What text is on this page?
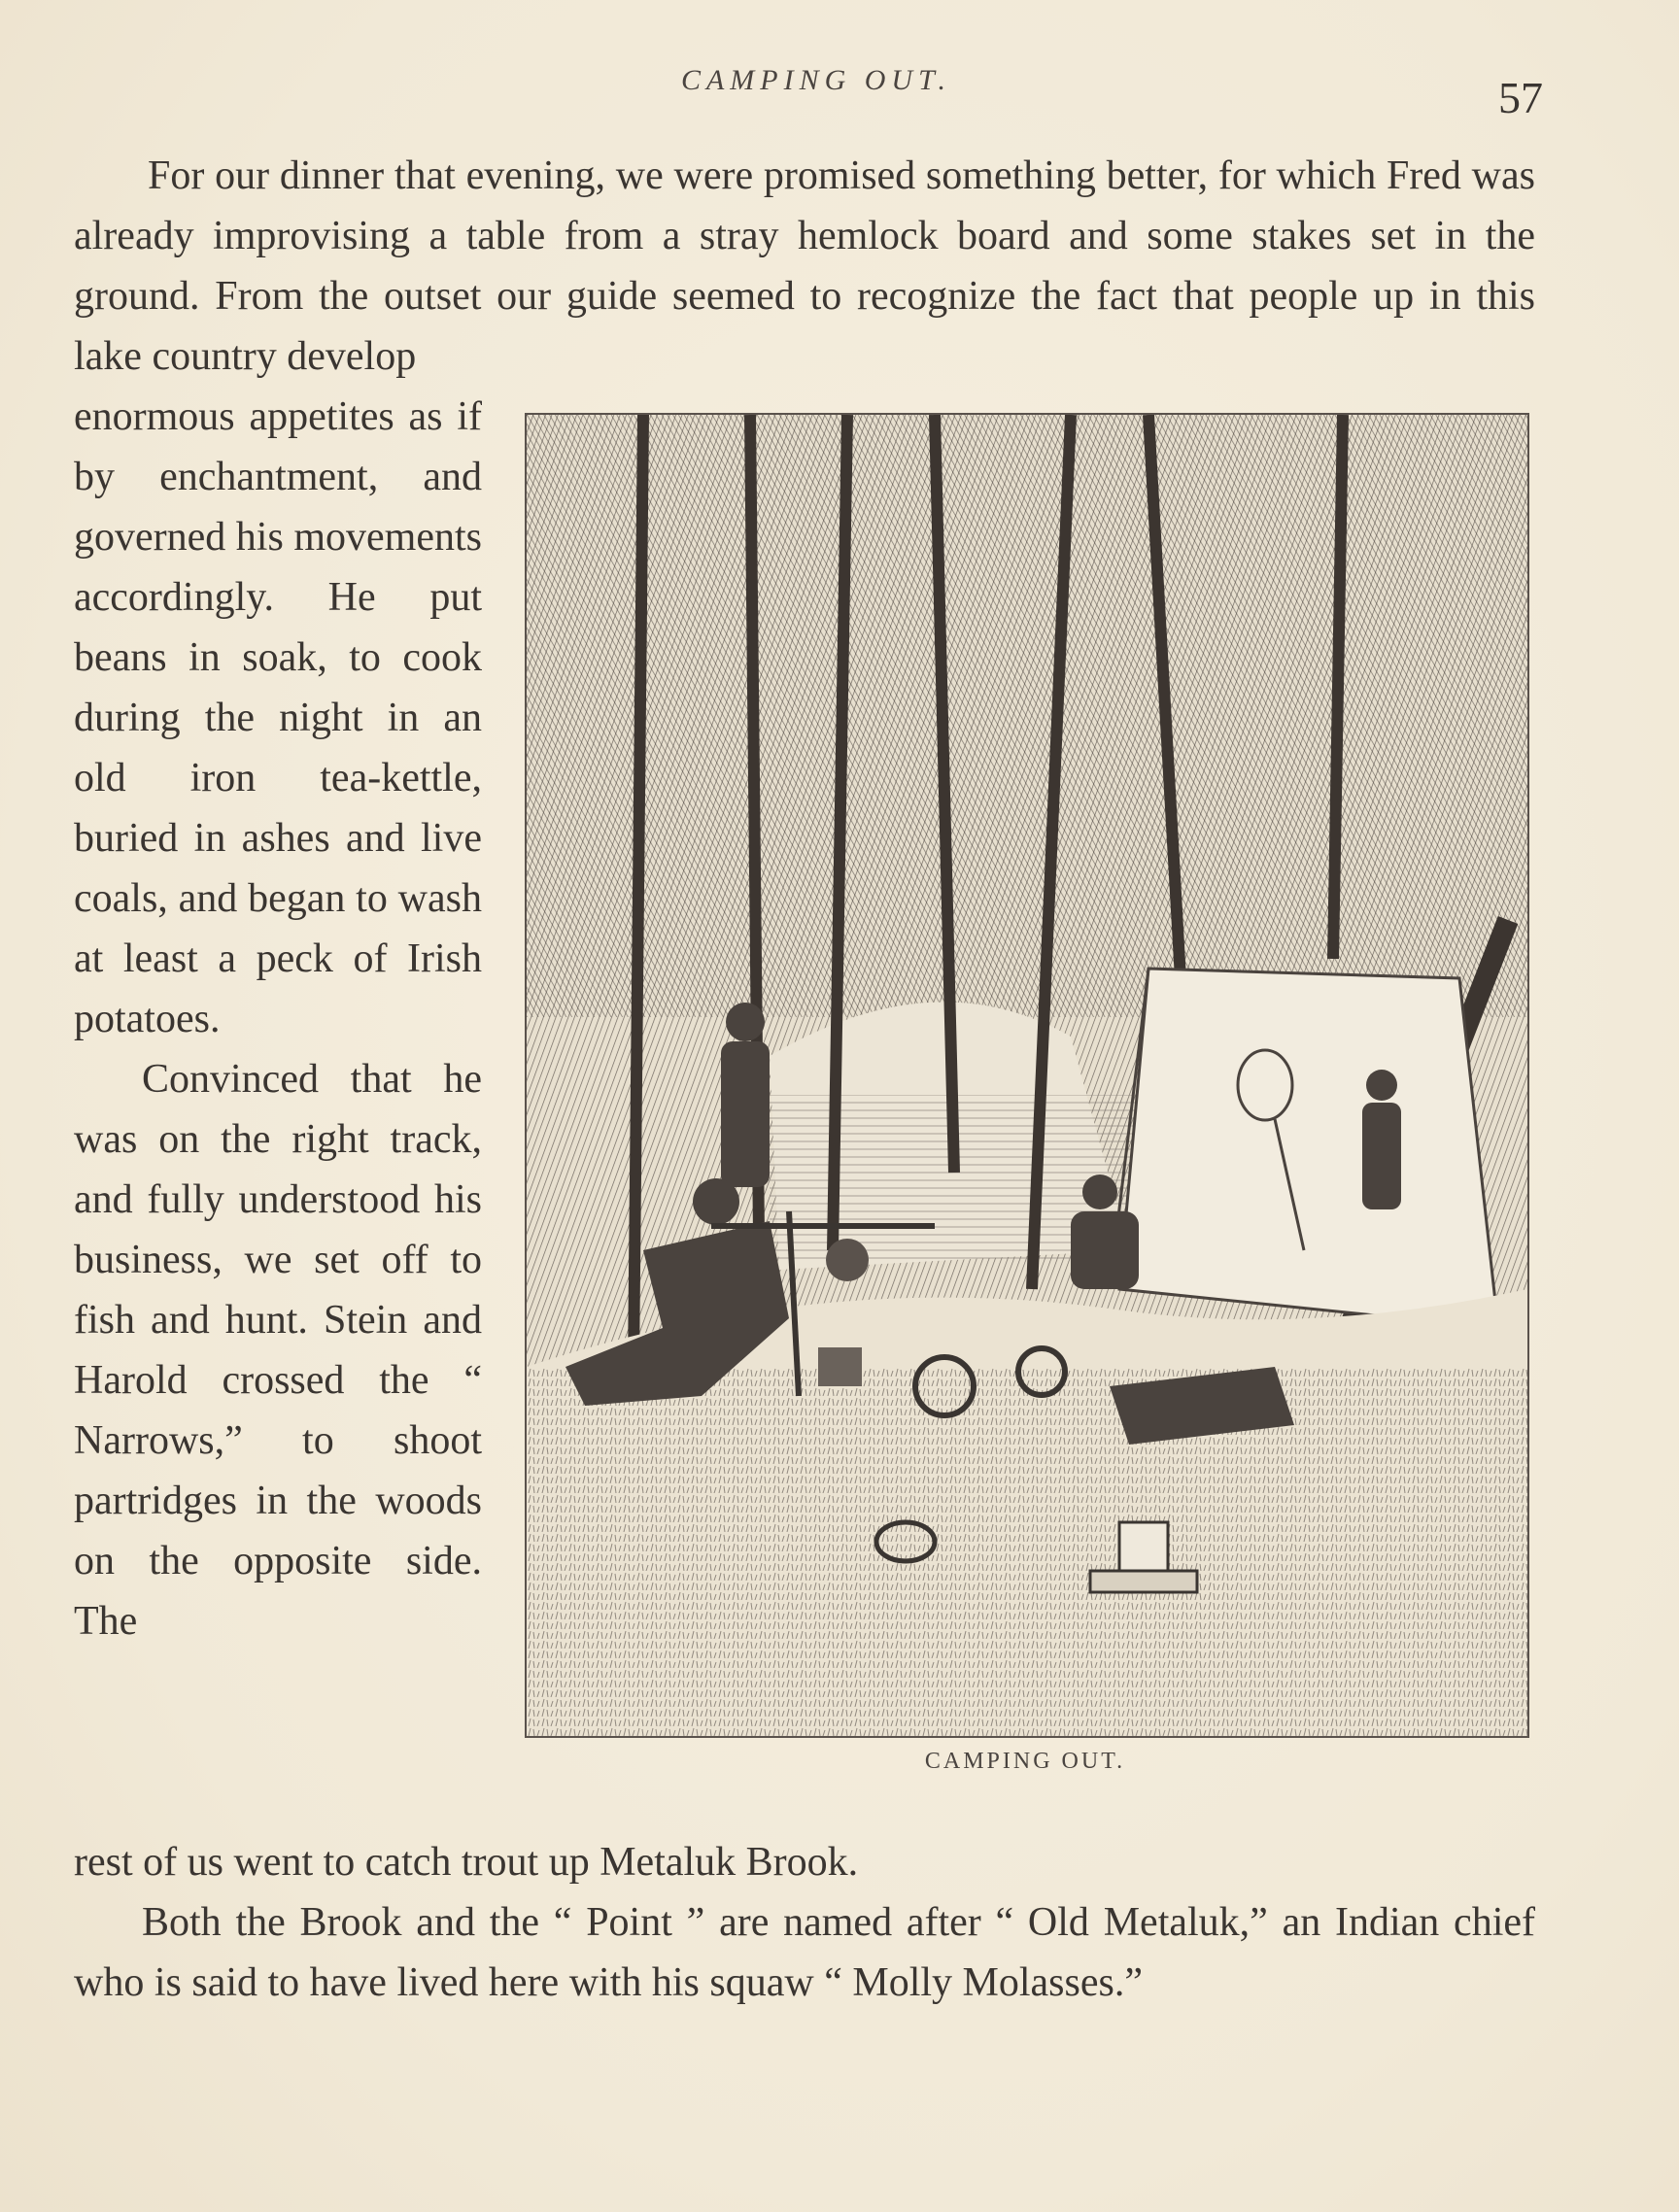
CAMPING OUT.	57

For our dinner that evening, we were promised something better, for which Fred was already improvising a table from a stray hemlock board and some stakes set in the ground. From the outset our guide seemed to recognize the fact that people up in this lake country develop

enormous appetites as if by enchantment, and governed his movements accordingly. He put beans in soak, to cook during the night in an old iron tea-kettle, buried in ashes and live coals, and began to wash at least a peck of Irish potatoes.

Convinced that he was on the right track, and fully understood his business, we set off to fish and hunt. Stein and Harold crossed the “ Narrows,” to shoot partridges in the woods on the opposite side. The

CAMPING OUT.

rest of us went to catch trout up Metaluk Brook.

Both the Brook and the “ Point ” are named after “ Old Metaluk,” an Indian chief who is said to have lived here with his squaw “ Molly Molasses.”
